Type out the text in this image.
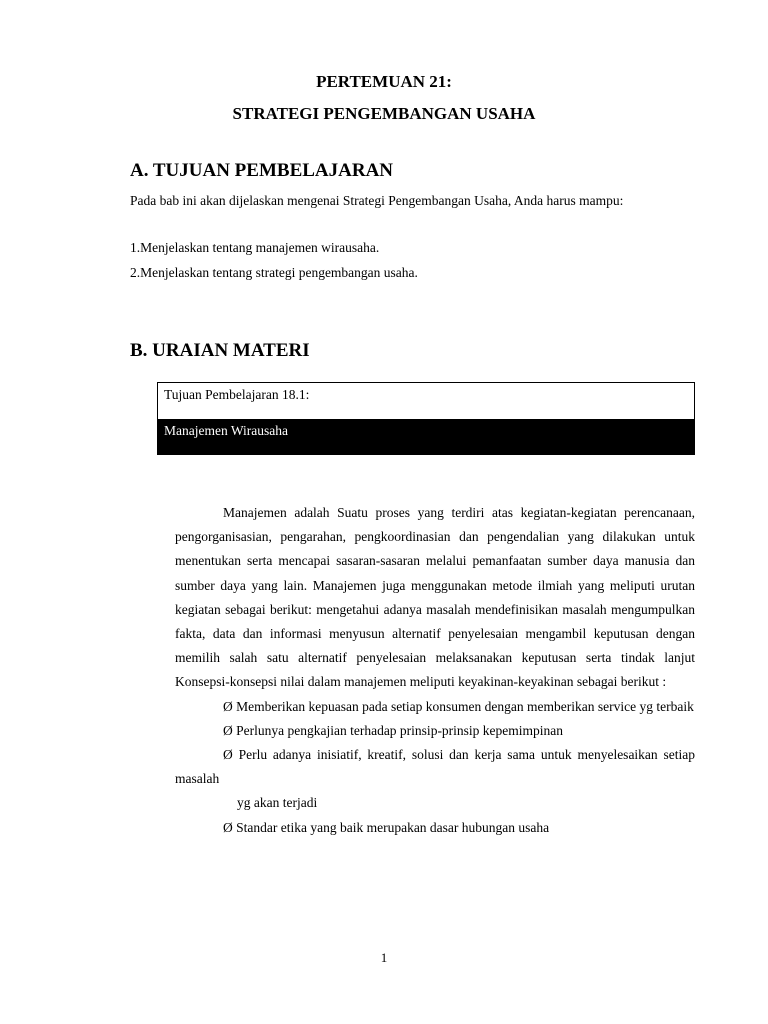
PERTEMUAN 21:
STRATEGI PENGEMBANGAN USAHA
A. TUJUAN PEMBELAJARAN
Pada bab ini akan dijelaskan mengenai Strategi Pengembangan Usaha, Anda harus mampu:
1.Menjelaskan tentang manajemen wirausaha.
2.Menjelaskan tentang strategi pengembangan usaha.
B. URAIAN MATERI
Tujuan Pembelajaran 18.1:
Manajemen Wirausaha

Manajemen adalah Suatu proses yang terdiri atas kegiatan-kegiatan perencanaan, pengorganisasian, pengarahan, pengkoordinasian dan pengendalian yang dilakukan untuk menentukan serta mencapai sasaran-sasaran melalui pemanfaatan sumber daya manusia dan sumber daya yang lain. Manajemen juga menggunakan metode ilmiah yang meliputi urutan kegiatan sebagai berikut: mengetahui adanya masalah mendefinisikan masalah mengumpulkan fakta, data dan informasi menyusun alternatif penyelesaian mengambil keputusan dengan memilih salah satu alternatif penyelesaian melaksanakan keputusan serta tindak lanjut Konsepsi-konsepsi nilai dalam manajemen meliputi keyakinan-keyakinan sebagai berikut :

Ø Memberikan kepuasan pada setiap konsumen dengan memberikan service yg terbaik

Ø Perlunya pengkajian terhadap prinsip-prinsip kepemimpinan

Ø Perlu adanya inisiatif, kreatif, solusi dan kerja sama untuk menyelesaikan setiap masalah

yg akan terjadi

Ø Standar etika yang baik merupakan dasar hubungan usaha

1
